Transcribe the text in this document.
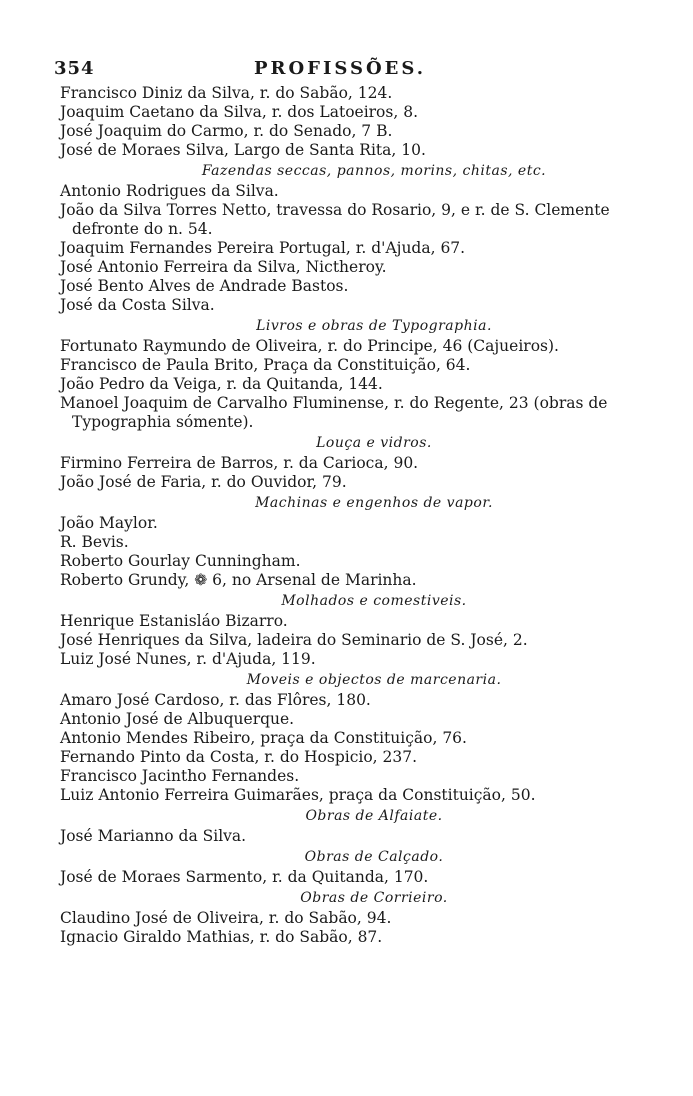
354	PROFISSÕES.
Francisco Diniz da Silva, r. do Sabão, 124.
Joaquim Caetano da Silva, r. dos Latoeiros, 8.
José Joaquim do Carmo, r. do Senado, 7 B.
José de Moraes Silva, Largo de Santa Rita, 10.
Fazendas seccas, pannos, morins, chitas, etc.
Antonio Rodrigues da Silva.
João da Silva Torres Netto, travessa do Rosario, 9, e r. de S. Clemente defronte do n. 54.
Joaquim Fernandes Pereira Portugal, r. d'Ajuda, 67.
José Antonio Ferreira da Silva, Nictheroy.
José Bento Alves de Andrade Bastos.
José da Costa Silva.
Livros e obras de Typographia.
Fortunato Raymundo de Oliveira, r. do Principe, 46 (Cajueiros).
Francisco de Paula Brito, Praça da Constituição, 64.
João Pedro da Veiga, r. da Quitanda, 144.
Manoel Joaquim de Carvalho Fluminense, r. do Regente, 23 (obras de Typographia sómente).
Louça e vidros.
Firmino Ferreira de Barros, r. da Carioca, 90.
João José de Faria, r. do Ouvidor, 79.
Machinas e engenhos de vapor.
João Maylor.
R. Bevis.
Roberto Gourlay Cunningham.
Roberto Grundy, ❁ 6, no Arsenal de Marinha.
Molhados e comestiveis.
Henrique Estanisláo Bizarro.
José Henriques da Silva, ladeira do Seminario de S. José, 2.
Luiz José Nunes, r. d'Ajuda, 119.
Moveis e objectos de marcenaria.
Amaro José Cardoso, r. das Flôres, 180.
Antonio José de Albuquerque.
Antonio Mendes Ribeiro, praça da Constituição, 76.
Fernando Pinto da Costa, r. do Hospicio, 237.
Francisco Jacintho Fernandes.
Luiz Antonio Ferreira Guimarães, praça da Constituição, 50.
Obras de Alfaiate.
José Marianno da Silva.
Obras de Calçado.
José de Moraes Sarmento, r. da Quitanda, 170.
Obras de Corrieiro.
Claudino José de Oliveira, r. do Sabão, 94.
Ignacio Giraldo Mathias, r. do Sabão, 87.
